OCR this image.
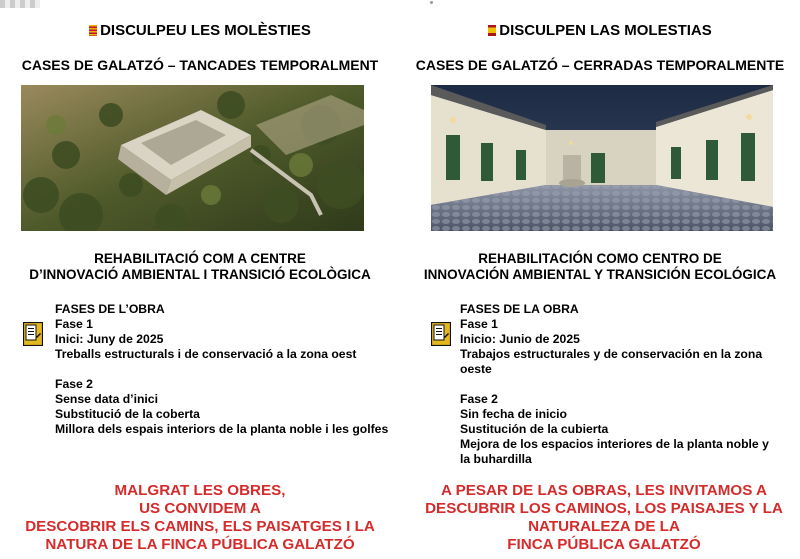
DISCULPEU LES MOLÈSTIES
CASES DE GALATZÓ – TANCADES TEMPORALMENT
REHABILITACIÓ COM A CENTRE
D’INNOVACIÓ AMBIENTAL I TRANSICIÓ ECOLÒGICA
FASES DE L’OBRA
Fase 1
Inici: Juny de 2025
Treballs estructurals i de conservació a la zona oest
Fase 2
Sense data d’inici
Substitució de la coberta
Millora dels espais interiors de la planta noble i les golfes
MALGRAT LES OBRES,
US CONVIDEM A
DESCOBRIR ELS CAMINS, ELS PAISATGES I LA
NATURA DE LA FINCA PÚBLICA GALATZÓ
DISCULPEN LAS MOLESTIAS
CASES DE GALATZÓ – CERRADAS TEMPORALMENTE
REHABILITACIÓN COMO CENTRO DE
INNOVACIÓN AMBIENTAL Y TRANSICIÓN ECOLÓGICA
FASES DE LA OBRA
Fase 1
Inicio: Junio de 2025
Trabajos estructurales y de conservación en la zona oeste
Fase 2
Sin fecha de inicio
Sustitución de la cubierta
Mejora de los espacios interiores de la planta noble y la buhardilla
A PESAR DE LAS OBRAS, LES INVITAMOS A
DESCUBRIR LOS CAMINOS, LOS PAISAJES Y LA
NATURALEZA DE LA
FINCA PÚBLICA GALATZÓ
